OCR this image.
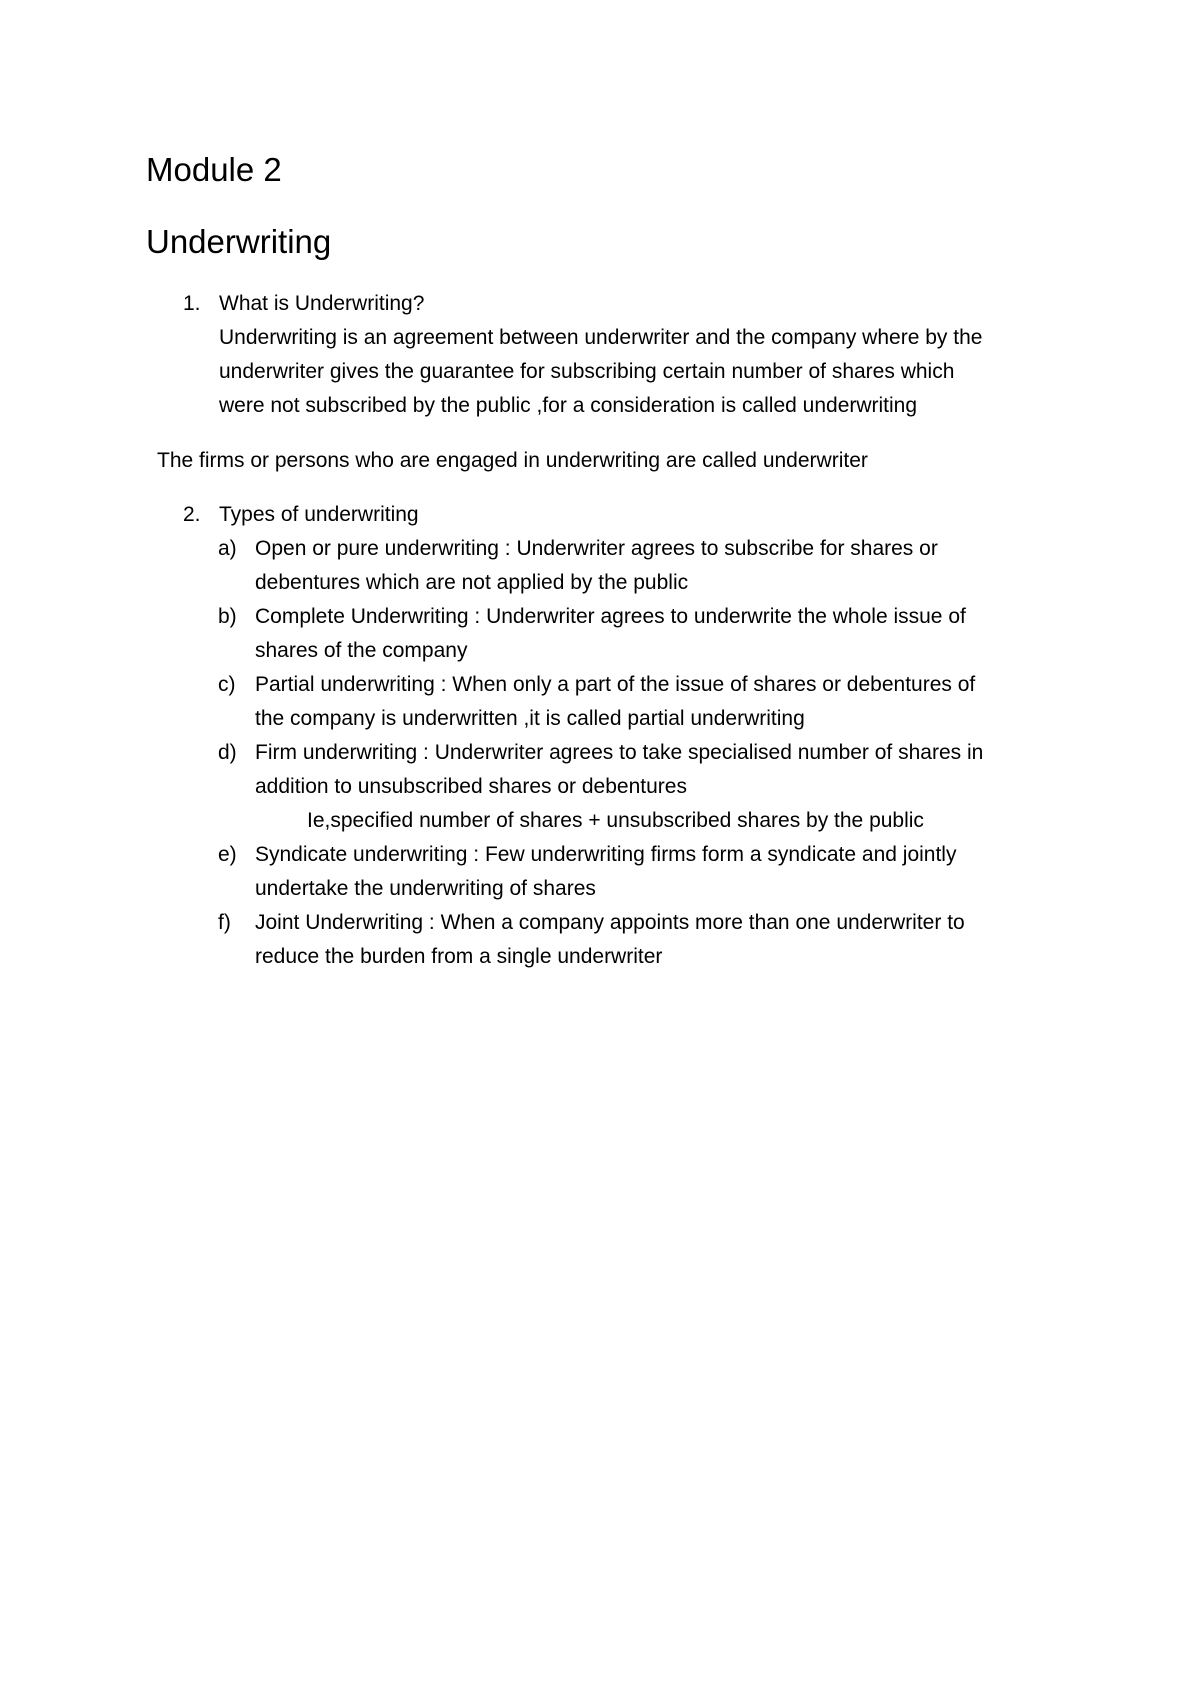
Module 2
Underwriting
1. What is Underwriting?
Underwriting is an agreement between underwriter and the company where by the
underwriter gives the guarantee for subscribing certain number of shares which
were not subscribed by the public ,for a consideration is called underwriting
The firms or persons who are engaged in underwriting are called underwriter
2. Types of underwriting
a) Open or pure underwriting : Underwriter agrees to subscribe for shares or
debentures which are not applied by the public
b) Complete Underwriting : Underwriter agrees to underwrite the whole issue of
shares of the company
c) Partial underwriting : When only a part of the issue of shares or debentures of
the company is underwritten ,it is called partial underwriting
d) Firm underwriting : Underwriter agrees to take specialised number of shares in
addition to unsubscribed shares or debentures
Ie,specified number of shares + unsubscribed shares by the public
e) Syndicate underwriting : Few underwriting firms form a syndicate and jointly
undertake the underwriting of shares
f) Joint Underwriting : When a company appoints more than one underwriter to
reduce the burden from a single underwriter
